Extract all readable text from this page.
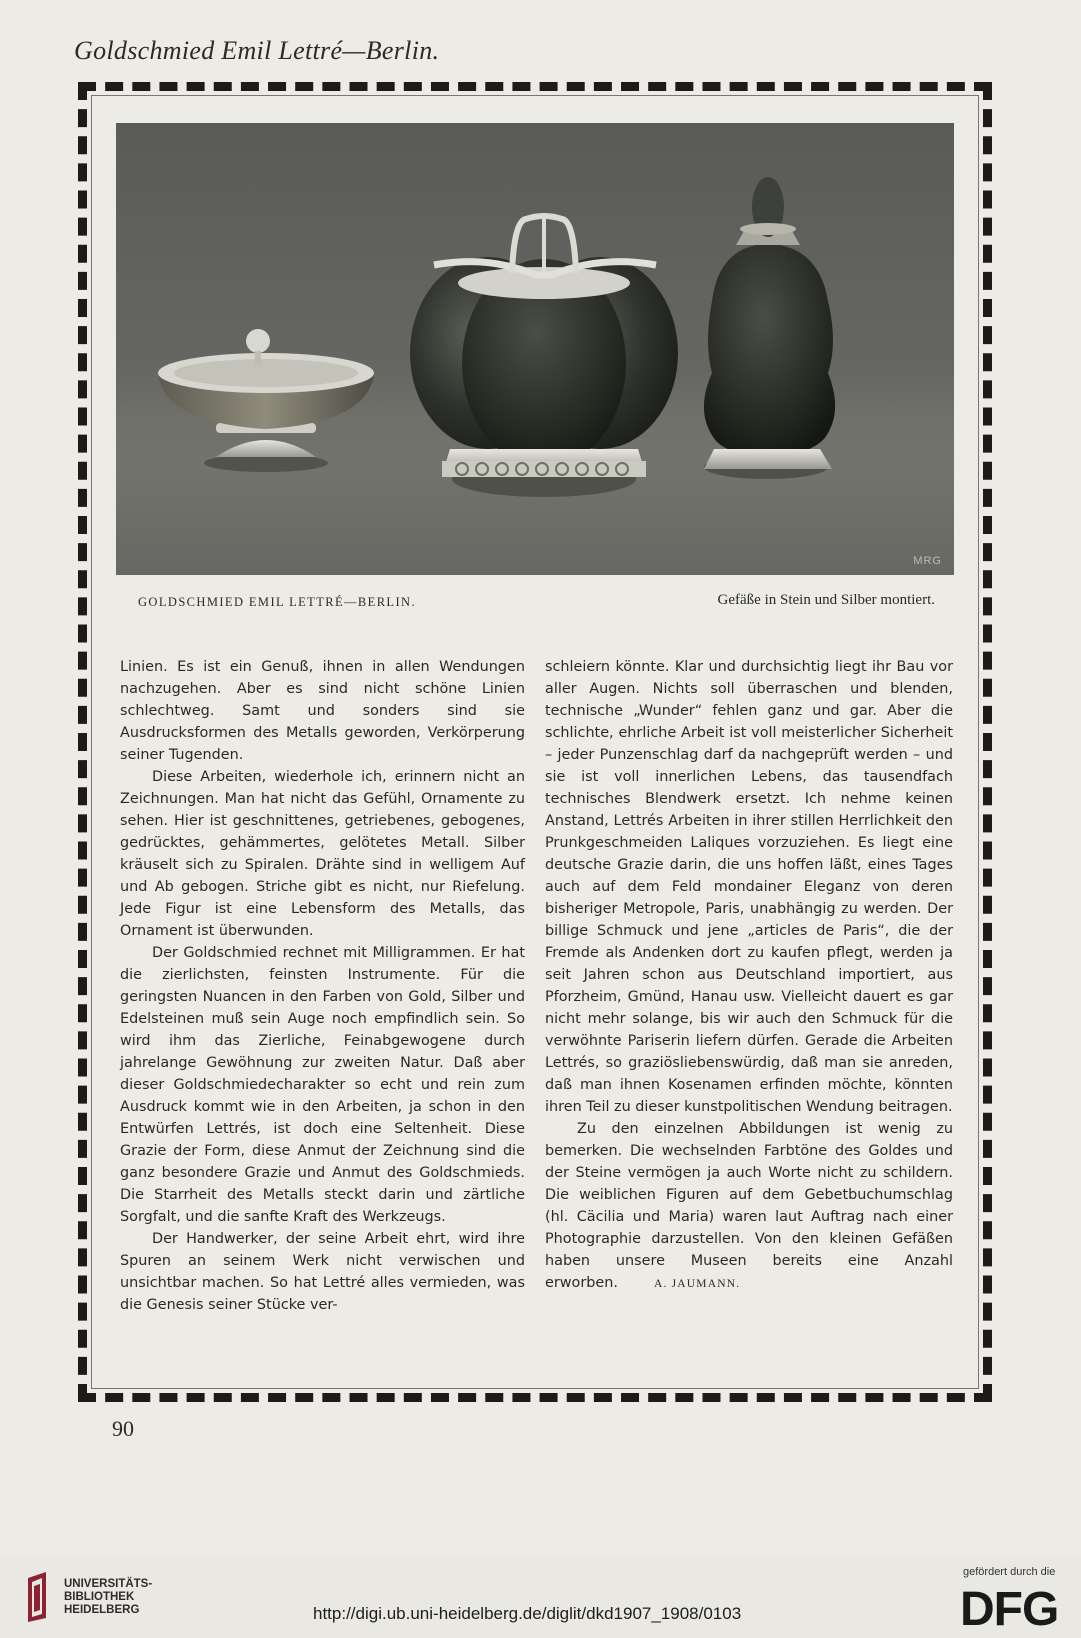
Goldschmied Emil Lettré—Berlin.
MRG
GOLDSCHMIED EMIL LETTRÉ—BERLIN.	Gefäße in Stein und Silber montiert.

Linien. Es ist ein Genuß, ihnen in allen Wendungen nachzugehen. Aber es sind nicht schöne Linien schlechtweg. Samt und sonders sind sie Ausdrucksformen des Metalls geworden, Verkörperung seiner Tugenden.

Diese Arbeiten, wiederhole ich, erinnern nicht an Zeichnungen. Man hat nicht das Gefühl, Ornamente zu sehen. Hier ist geschnittenes, getriebenes, gebogenes, gedrücktes, gehämmertes, gelötetes Metall. Silber kräuselt sich zu Spiralen. Drähte sind in welligem Auf und Ab gebogen. Striche gibt es nicht, nur Riefelung. Jede Figur ist eine Lebensform des Metalls, das Ornament ist überwunden.

Der Goldschmied rechnet mit Milligrammen. Er hat die zierlichsten, feinsten Instrumente. Für die geringsten Nuancen in den Farben von Gold, Silber und Edelsteinen muß sein Auge noch empfindlich sein. So wird ihm das Zierliche, Feinabgewogene durch jahrelange Gewöhnung zur zweiten Natur. Daß aber dieser Goldschmiedecharakter so echt und rein zum Ausdruck kommt wie in den Arbeiten, ja schon in den Entwürfen Lettrés, ist doch eine Seltenheit. Diese Grazie der Form, diese Anmut der Zeichnung sind die ganz besondere Grazie und Anmut des Goldschmieds. Die Starrheit des Metalls steckt darin und zärtliche Sorgfalt, und die sanfte Kraft des Werkzeugs.

Der Handwerker, der seine Arbeit ehrt, wird ihre Spuren an seinem Werk nicht verwischen und unsichtbar machen. So hat Lettré alles vermieden, was die Genesis seiner Stücke ver-

schleiern könnte. Klar und durchsichtig liegt ihr Bau vor aller Augen. Nichts soll überraschen und blenden, technische „Wunder“ fehlen ganz und gar. Aber die schlichte, ehrliche Arbeit ist voll meisterlicher Sicherheit – jeder Punzenschlag darf da nachgeprüft werden – und sie ist voll innerlichen Lebens, das tausendfach technisches Blendwerk ersetzt. Ich nehme keinen Anstand, Lettrés Arbeiten in ihrer stillen Herrlichkeit den Prunkgeschmeiden Laliques vorzuziehen. Es liegt eine deutsche Grazie darin, die uns hoffen läßt, eines Tages auch auf dem Feld mondainer Eleganz von deren bisheriger Metropole, Paris, unabhängig zu werden. Der billige Schmuck und jene „articles de Paris“, die der Fremde als Andenken dort zu kaufen pflegt, werden ja seit Jahren schon aus Deutschland importiert, aus Pforzheim, Gmünd, Hanau usw. Vielleicht dauert es gar nicht mehr solange, bis wir auch den Schmuck für die verwöhnte Pariserin liefern dürfen. Gerade die Arbeiten Lettrés, so graziösliebenswürdig, daß man sie anreden, daß man ihnen Kosenamen erfinden möchte, könnten ihren Teil zu dieser kunstpolitischen Wendung beitragen.

Zu den einzelnen Abbildungen ist wenig zu bemerken. Die wechselnden Farbtöne des Goldes und der Steine vermögen ja auch Worte nicht zu schildern. Die weiblichen Figuren auf dem Gebetbuchumschlag (hl. Cäcilia und Maria) waren laut Auftrag nach einer Photographie darzustellen. Von den kleinen Gefäßen haben unsere Museen bereits eine Anzahl erworben.	A. JAUMANN.

90
UNIVERSITÄTS-
BIBLIOTHEK
HEIDELBERG	http://digi.ub.uni-heidelberg.de/diglit/dkd1907_1908/0103
gefördert durch die
DFG
